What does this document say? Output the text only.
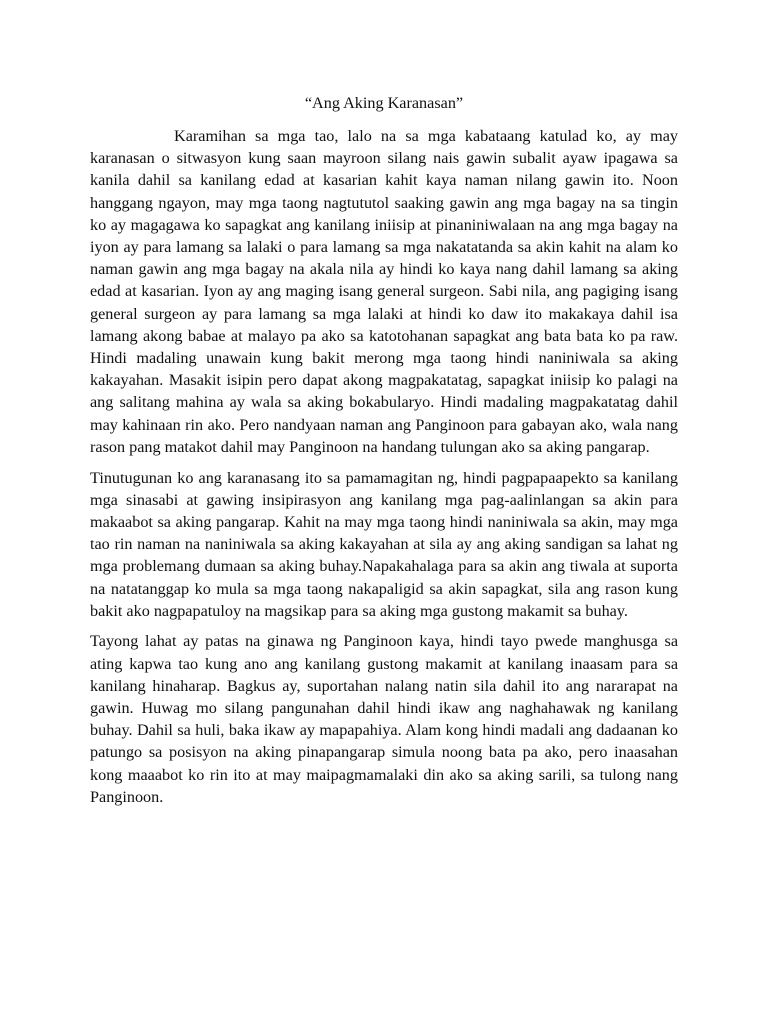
“Ang Aking Karanasan”

Karamihan sa mga tao, lalo na sa mga kabataang katulad ko, ay may karanasan o sitwasyon kung saan mayroon silang nais gawin subalit ayaw ipagawa sa kanila dahil sa kanilang edad at kasarian kahit kaya naman nilang gawin ito. Noon hanggang ngayon, may mga taong nagtututol saaking gawin ang mga bagay na sa tingin ko ay magagawa ko sapagkat ang kanilang iniisip at pinaniniwalaan na ang mga bagay na iyon ay para lamang sa lalaki o para lamang sa mga nakatatanda sa akin kahit na alam ko naman gawin ang mga bagay na akala nila ay hindi ko kaya nang dahil lamang sa aking edad at kasarian. Iyon ay ang maging isang general surgeon. Sabi nila, ang pagiging isang general surgeon ay para lamang sa mga lalaki at hindi ko daw ito makakaya dahil isa lamang akong babae at malayo pa ako sa katotohanan sapagkat ang bata bata ko pa raw. Hindi madaling unawain kung bakit merong mga taong hindi naniniwala sa aking kakayahan. Masakit isipin pero dapat akong magpakatatag, sapagkat iniisip ko palagi na ang salitang mahina ay wala sa aking bokabularyo. Hindi madaling magpakatatag dahil may kahinaan rin ako. Pero nandyaan naman ang Panginoon para gabayan ako, wala nang rason pang matakot dahil may Panginoon na handang tulungan ako sa aking pangarap.

Tinutugunan ko ang karanasang ito sa pamamagitan ng, hindi pagpapaapekto sa kanilang mga sinasabi at gawing insipirasyon ang kanilang mga pag-aalinlangan sa akin para makaabot sa aking pangarap. Kahit na may mga taong hindi naniniwala sa akin, may mga tao rin naman na naniniwala sa aking kakayahan at sila ay ang aking sandigan sa lahat ng mga problemang dumaan sa aking buhay.Napakahalaga para sa akin ang tiwala at suporta na natatanggap ko mula sa mga taong nakapaligid sa akin sapagkat, sila ang rason kung bakit ako nagpapatuloy na magsikap para sa aking mga gustong makamit sa buhay.

Tayong lahat ay patas na ginawa ng Panginoon kaya, hindi tayo pwede manghusga sa ating kapwa tao kung ano ang kanilang gustong makamit at kanilang inaasam para sa kanilang hinaharap. Bagkus ay, suportahan nalang natin sila dahil ito ang nararapat na gawin. Huwag mo silang pangunahan dahil hindi ikaw ang naghahawak ng kanilang buhay. Dahil sa huli, baka ikaw ay mapapahiya. Alam kong hindi madali ang dadaanan ko patungo sa posisyon na aking pinapangarap simula noong bata pa ako, pero inaasahan kong maaabot ko rin ito at may maipagmamalaki din ako sa aking sarili, sa tulong nang Panginoon.
